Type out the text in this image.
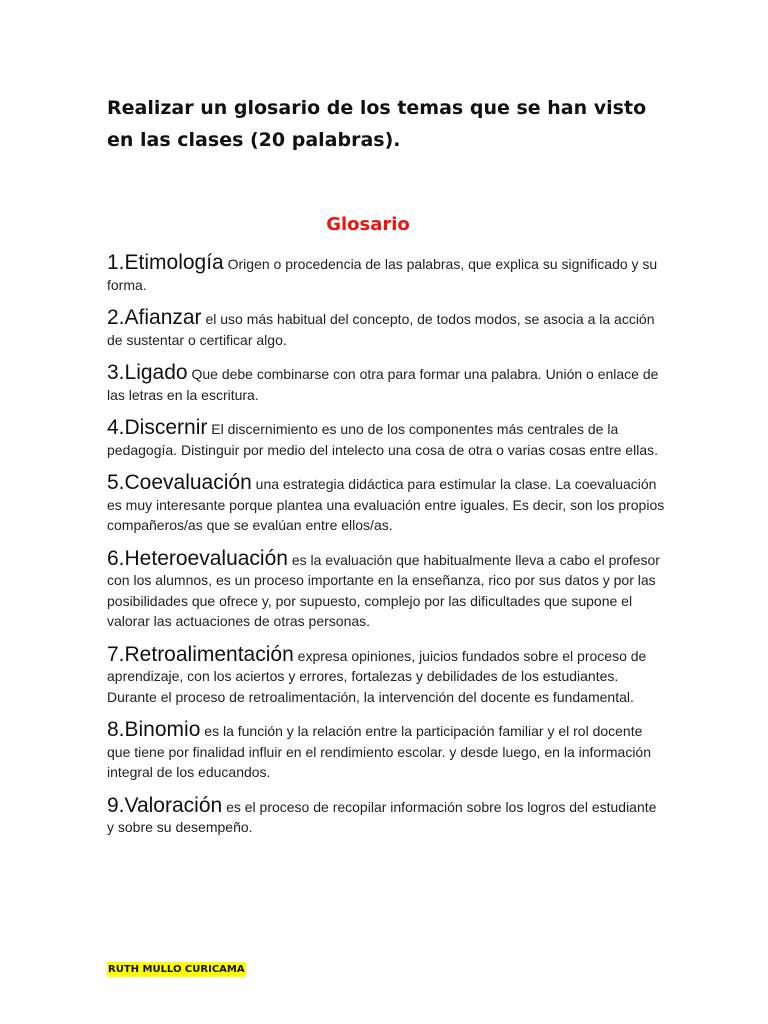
Realizar un glosario de los temas que se han visto en las clases (20 palabras).
Glosario

1.Etimología Origen o procedencia de las palabras, que explica su significado y su forma.

2.Afianzar el uso más habitual del concepto, de todos modos, se asocia a la acción de sustentar o certificar algo.

3.Ligado Que debe combinarse con otra para formar una palabra. Unión o enlace de las letras en la escritura.

4.Discernir El discernimiento es uno de los componentes más centrales de la pedagogía. Distinguir por medio del intelecto una cosa de otra o varias cosas entre ellas.

5.Coevaluación una estrategia didáctica para estimular la clase. La coevaluación es muy interesante porque plantea una evaluación entre iguales. Es decir, son los propios compañeros/as que se evalúan entre ellos/as.

6.Heteroevaluación es la evaluación que habitualmente lleva a cabo el profesor con los alumnos, es un proceso importante en la enseñanza, rico por sus datos y por las posibilidades que ofrece y, por supuesto, complejo por las dificultades que supone el valorar las actuaciones de otras personas.

7.Retroalimentación expresa opiniones, juicios fundados sobre el proceso de aprendizaje, con los aciertos y errores, fortalezas y debilidades de los estudiantes. Durante el proceso de retroalimentación, la intervención del docente es fundamental.

8.Binomio es la función y la relación entre la participación familiar y el rol docente que tiene por finalidad influir en el rendimiento escolar. y desde luego, en la información integral de los educandos.

9.Valoración es el proceso de recopilar información sobre los logros del estudiante y sobre su desempeño.

RUTH MULLO CURICAMA
